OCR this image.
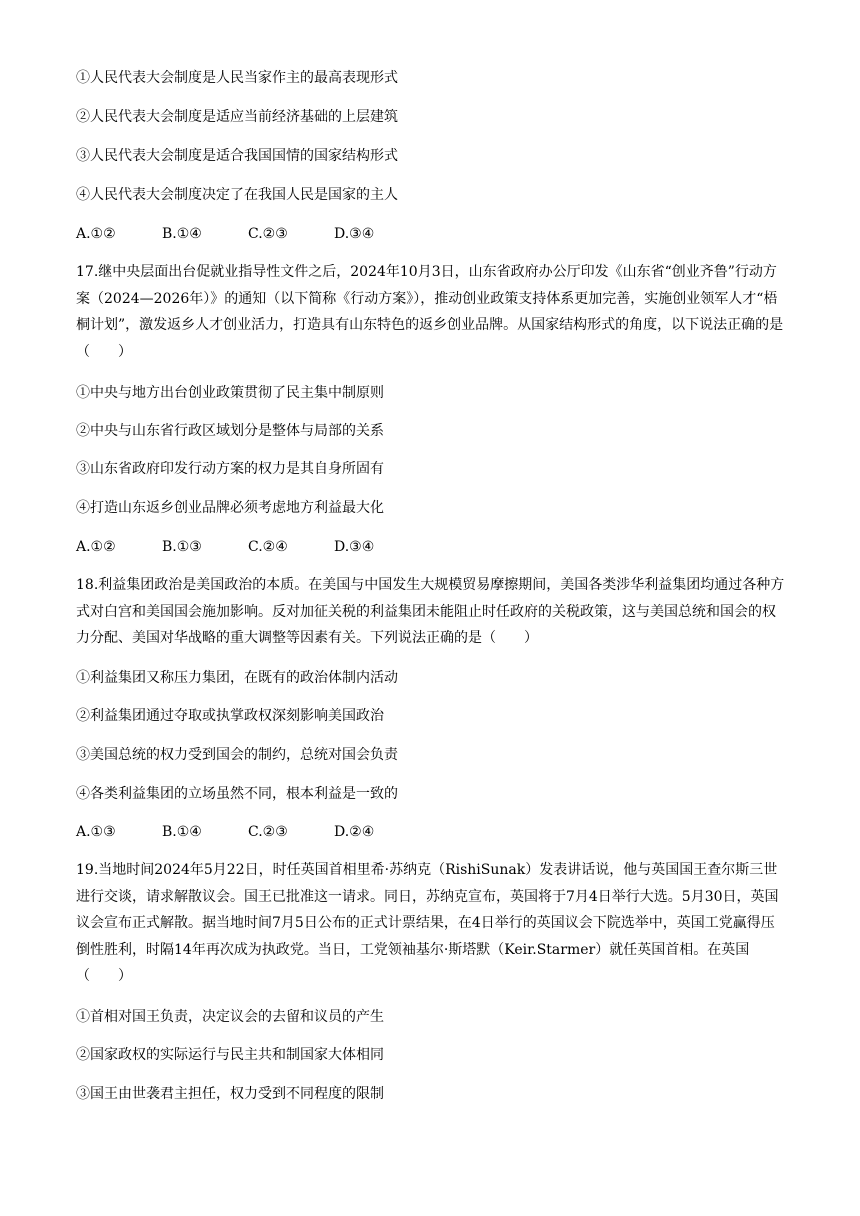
①人民代表大会制度是人民当家作主的最高表现形式
②人民代表大会制度是适应当前经济基础的上层建筑
③人民代表大会制度是适合我国国情的国家结构形式
④人民代表大会制度决定了在我国人民是国家的主人
A.①②	B.①④	C.②③	D.③④
17.继中央层面出台促就业指导性文件之后，2024年10月3日，山东省政府办公厅印发《山东省“创业齐鲁”行动方案（2024—2026年）》的通知（以下简称《行动方案》），推动创业政策支持体系更加完善，实施创业领军人才“梧桐计划”，激发返乡人才创业活力，打造具有山东特色的返乡创业品牌。从国家结构形式的角度，以下说法正确的是（　　）
①中央与地方出台创业政策贯彻了民主集中制原则
②中央与山东省行政区域划分是整体与局部的关系
③山东省政府印发行动方案的权力是其自身所固有
④打造山东返乡创业品牌必须考虑地方利益最大化
A.①②	B.①③	C.②④	D.③④
18.利益集团政治是美国政治的本质。在美国与中国发生大规模贸易摩擦期间，美国各类涉华利益集团均通过各种方式对白宫和美国国会施加影响。反对加征关税的利益集团未能阻止时任政府的关税政策，这与美国总统和国会的权力分配、美国对华战略的重大调整等因素有关。下列说法正确的是（　　）
①利益集团又称压力集团，在既有的政治体制内活动
②利益集团通过夺取或执掌政权深刻影响美国政治
③美国总统的权力受到国会的制约，总统对国会负责
④各类利益集团的立场虽然不同，根本利益是一致的
A.①③	B.①④	C.②③	D.②④
19.当地时间2024年5月22日，时任英国首相里希·苏纳克（RishiSunak）发表讲话说，他与英国国王查尔斯三世进行交谈，请求解散议会。国王已批准这一请求。同日，苏纳克宣布，英国将于7月4日举行大选。5月30日，英国议会宣布正式解散。据当地时间7月5日公布的正式计票结果，在4日举行的英国议会下院选举中，英国工党赢得压倒性胜利，时隔14年再次成为执政党。当日，工党领袖基尔·斯塔默（Keir.Starmer）就任英国首相。在英国（　　）
①首相对国王负责，决定议会的去留和议员的产生
②国家政权的实际运行与民主共和制国家大体相同
③国王由世袭君主担任，权力受到不同程度的限制
